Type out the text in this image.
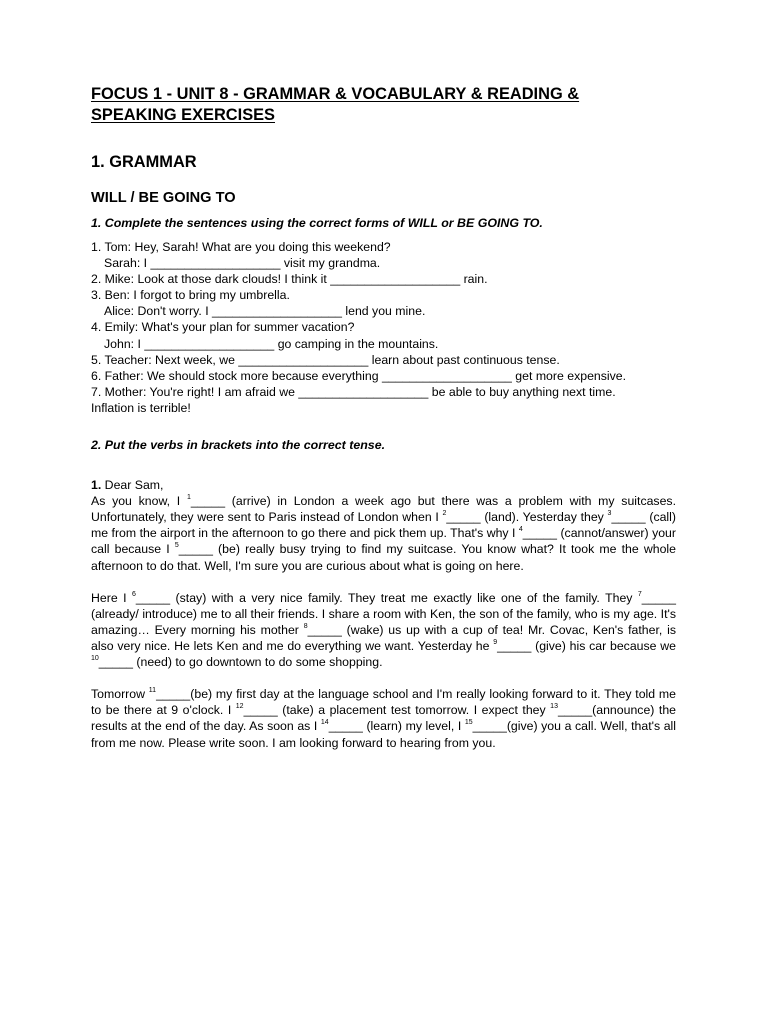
FOCUS 1 - UNIT 8 - GRAMMAR & VOCABULARY & READING &
SPEAKING EXERCISES
1. GRAMMAR
WILL / BE GOING TO

1. Complete the sentences using the correct forms of WILL or BE GOING TO.

1. Tom: Hey, Sarah! What are you doing this weekend?
Sarah: I ___________________ visit my grandma.
2. Mike: Look at those dark clouds! I think it ___________________ rain.
3. Ben: I forgot to bring my umbrella.
Alice: Don't worry. I ___________________ lend you mine.
4. Emily: What's your plan for summer vacation?
John: I ___________________ go camping in the mountains.
5. Teacher: Next week, we ___________________ learn about past continuous tense.
6. Father: We should stock more because everything ___________________ get more expensive.
7. Mother: You're right! I am afraid we ___________________ be able to buy anything next time.
Inflation is terrible!

2. Put the verbs in brackets into the correct tense.

1. Dear Sam,
As you know, I $^1$_____ (arrive) in London a week ago but there was a problem with my suitcases. Unfortunately, they were sent to Paris instead of London when I $^2$_____ (land). Yesterday they $^3$_____ (call) me from the airport in the afternoon to go there and pick them up. That's why I $^4$_____ (cannot/answer) your call because I $^5$_____ (be) really busy trying to find my suitcase. You know what? It took me the whole afternoon to do that. Well, I'm sure you are curious about what is going on here.

Here I $^6$_____ (stay) with a very nice family. They treat me exactly like one of the family. They $^7$_____ (already/ introduce) me to all their friends. I share a room with Ken, the son of the family, who is my age. It's amazing… Every morning his mother $^8$_____ (wake) us up with a cup of tea! Mr. Covac, Ken's father, is also very nice. He lets Ken and me do everything we want. Yesterday he $^9$_____ (give) his car because we $^{10}$_____ (need) to go downtown to do some shopping.

Tomorrow $^{11}$_____(be) my first day at the language school and I'm really looking forward to it. They told me to be there at 9 o'clock. I $^{12}$_____ (take) a placement test tomorrow. I expect they $^{13}$_____(announce) the results at the end of the day. As soon as I $^{14}$_____ (learn) my level, I $^{15}$_____(give) you a call. Well, that's all from me now. Please write soon. I am looking forward to hearing from you.
